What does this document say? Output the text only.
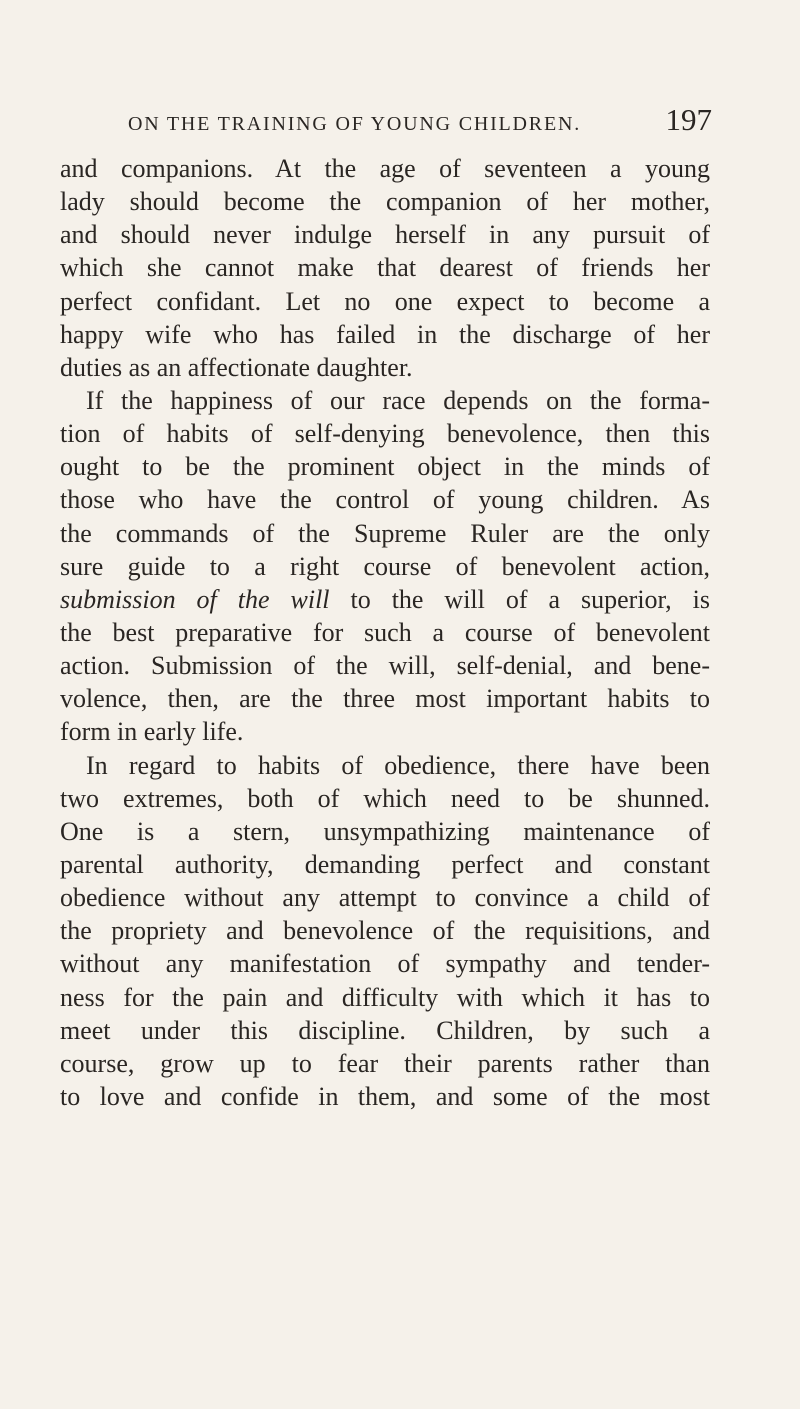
ON THE TRAINING OF YOUNG CHILDREN.	197
and companions. At the age of seventeen a young
lady should become the companion of her mother,
and should never indulge herself in any pursuit of
which she cannot make that dearest of friends her
perfect confidant. Let no one expect to become a
happy wife who has failed in the discharge of her
duties as an affectionate daughter.
If the happiness of our race depends on the forma-
tion of habits of self-denying benevolence, then this
ought to be the prominent object in the minds of
those who have the control of young children. As
the commands of the Supreme Ruler are the only
sure guide to a right course of benevolent action,
submission of the will to the will of a superior, is
the best preparative for such a course of benevolent
action. Submission of the will, self-denial, and bene-
volence, then, are the three most important habits to
form in early life.
In regard to habits of obedience, there have been
two extremes, both of which need to be shunned.
One is a stern, unsympathizing maintenance of
parental authority, demanding perfect and constant
obedience without any attempt to convince a child of
the propriety and benevolence of the requisitions, and
without any manifestation of sympathy and tender-
ness for the pain and difficulty with which it has to
meet under this discipline. Children, by such a
course, grow up to fear their parents rather than
to love and confide in them, and some of the most
